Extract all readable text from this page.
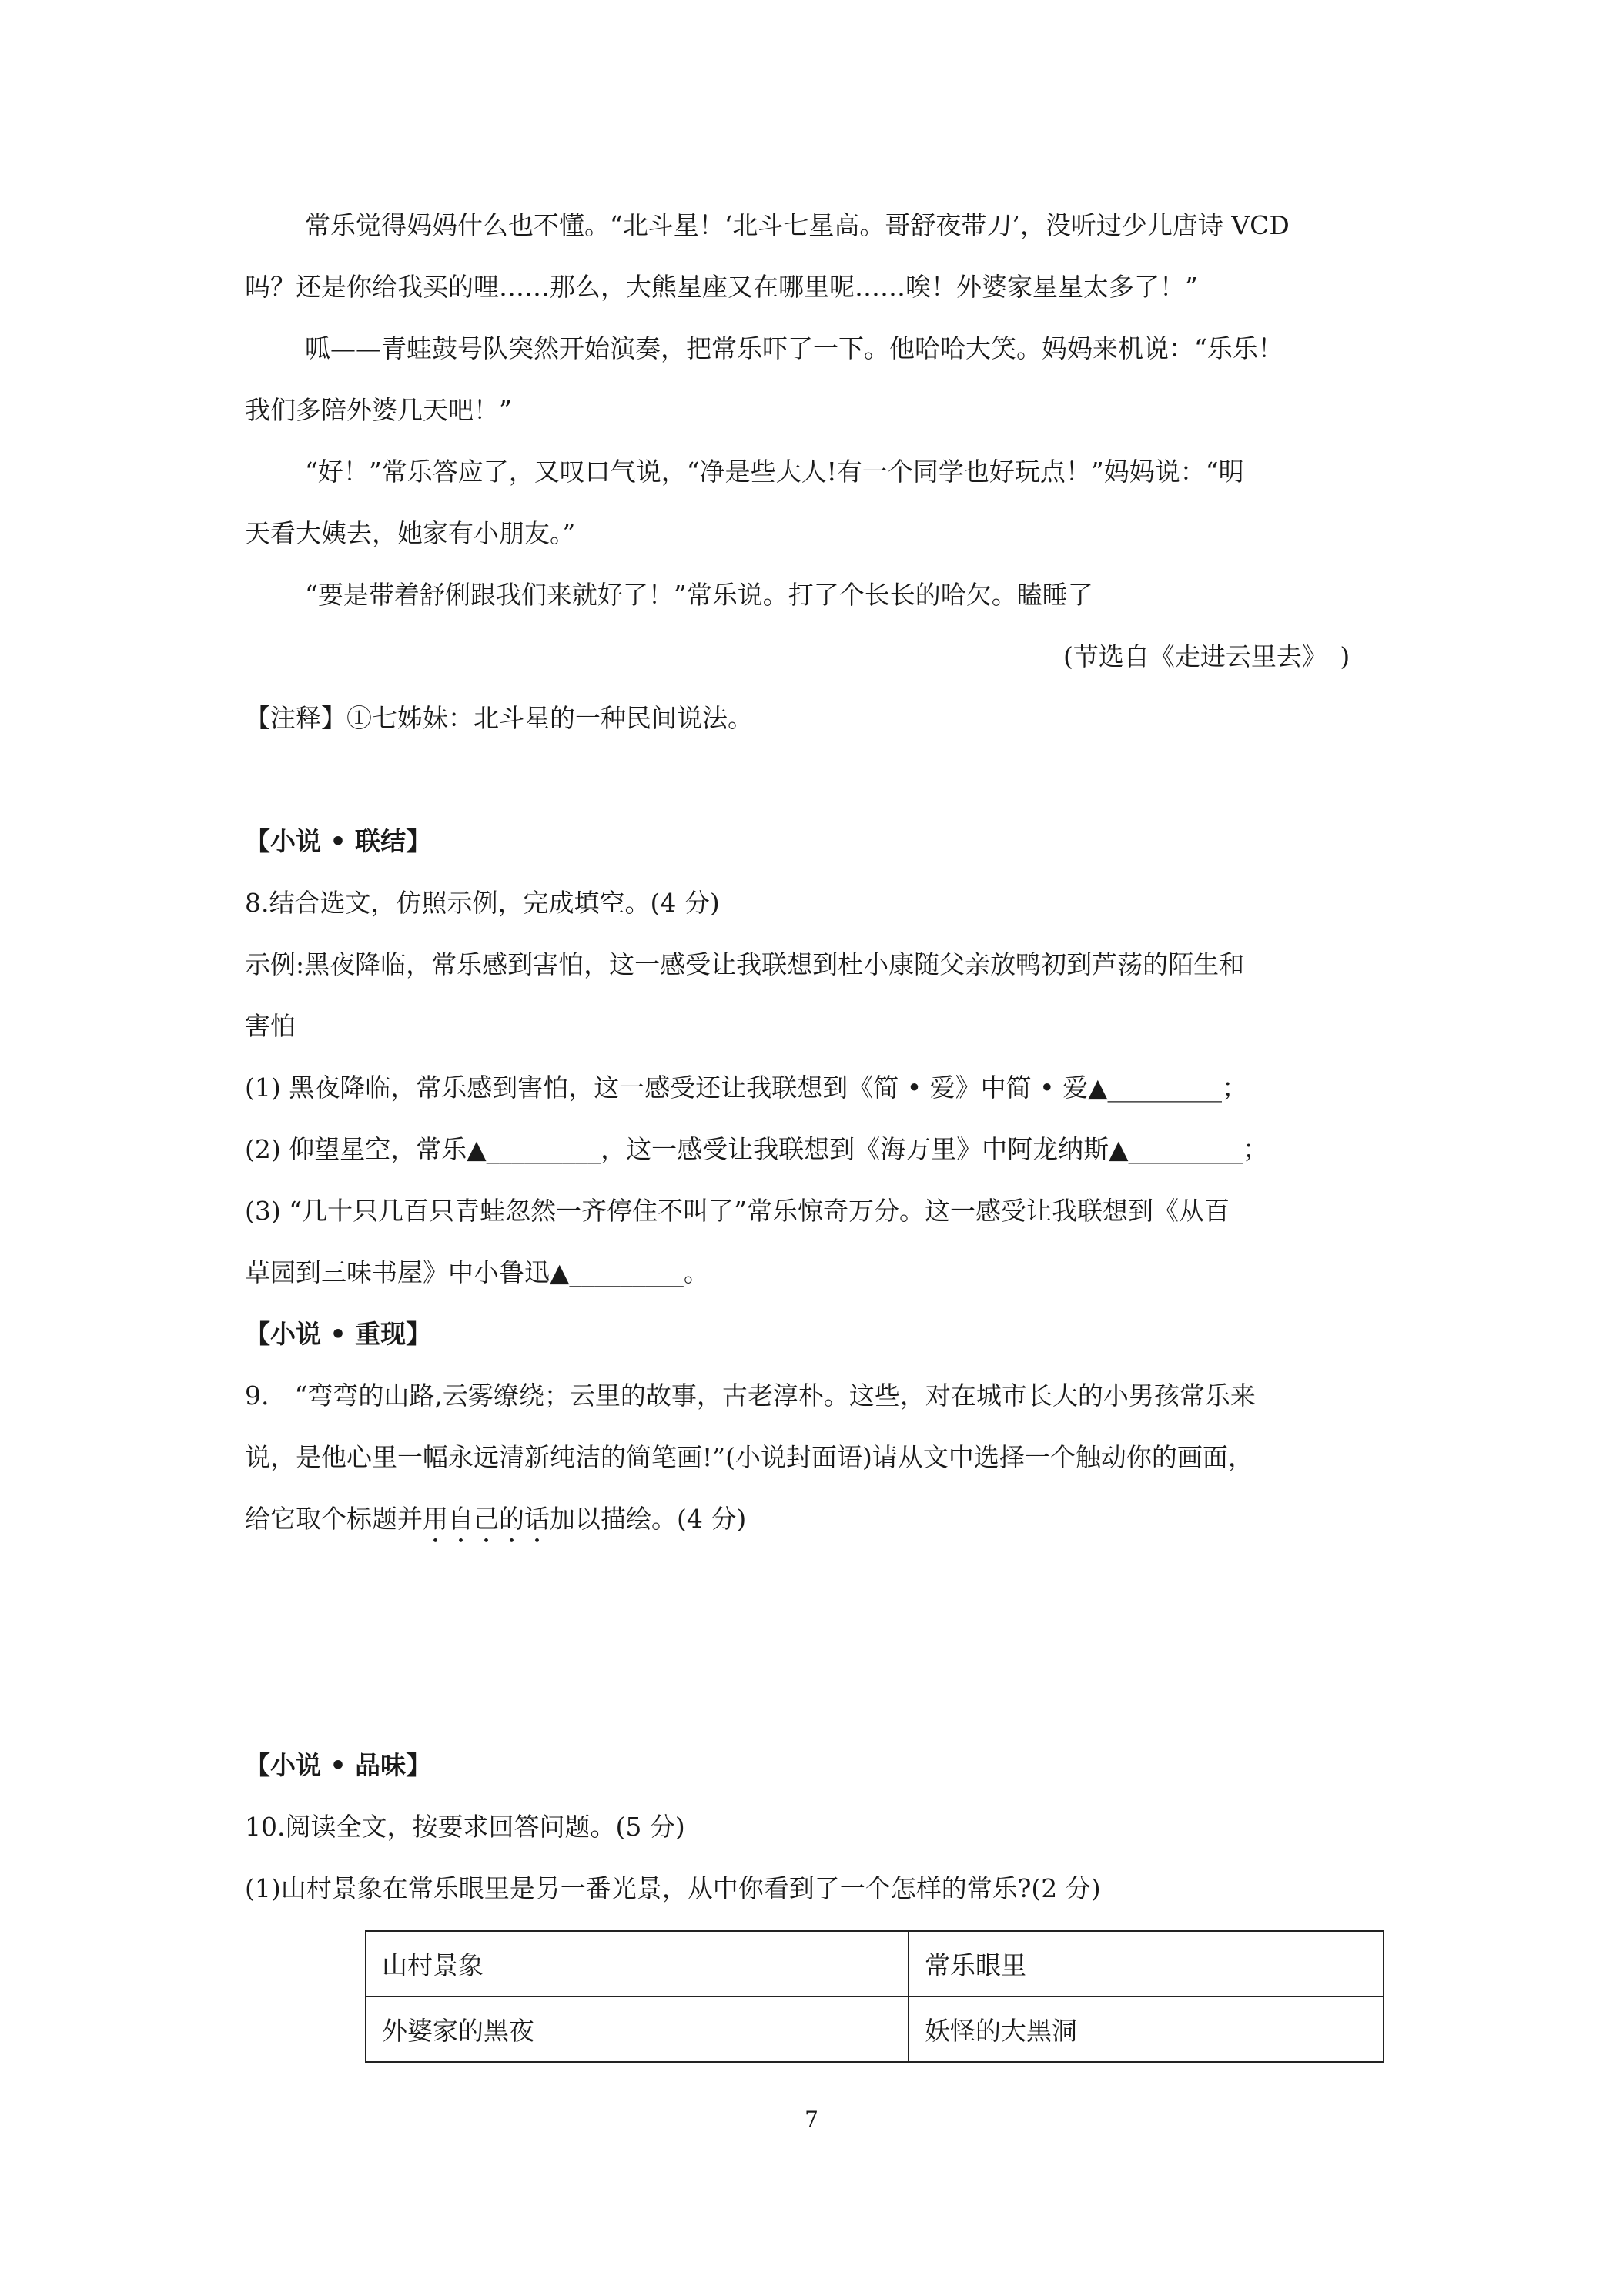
常乐觉得妈妈什么也不懂。“北斗星！‘北斗七星高。哥舒夜带刀’，没听过少儿唐诗 VCD
吗？还是你给我买的哩……那么，大熊星座又在哪里呢……唉！外婆家星星太多了！”
呱——青蛙鼓号队突然开始演奏，把常乐吓了一下。他哈哈大笑。妈妈来机说：“乐乐！
我们多陪外婆几天吧！”
“好！”常乐答应了，又叹口气说，“净是些大人!有一个同学也好玩点！”妈妈说：“明
天看大姨去，她家有小朋友。”
“要是带着舒俐跟我们来就好了！”常乐说。打了个长长的哈欠。瞌睡了
(节选自《走进云里去》　)
【注释】①七姊妹：北斗星的一种民间说法。
【小说 • 联结】
8.结合选文，仿照示例，完成填空。(4 分)
示例:黑夜降临，常乐感到害怕，这一感受让我联想到杜小康随父亲放鸭初到芦荡的陌生和
害怕
(1) 黑夜降临，常乐感到害怕，这一感受还让我联想到《简 • 爱》中简 • 爱▲_________；
(2) 仰望星空，常乐▲_________，这一感受让我联想到《海万里》中阿龙纳斯▲_________；
(3) “几十只几百只青蛙忽然一齐停住不叫了”常乐惊奇万分。这一感受让我联想到《从百
草园到三味书屋》中小鲁迅▲_________。
【小说 • 重现】
9.　“弯弯的山路,云雾缭绕；云里的故事，古老淳朴。这些，对在城市长大的小男孩常乐来
说，是他心里一幅永远清新纯洁的简笔画!”(小说封面语)请从文中选择一个触动你的画面，
给它取个标题并用自己的话加以描绘。(4 分)
【小说 • 品味】
10.阅读全文，按要求回答问题。(5 分)
(1)山村景象在常乐眼里是另一番光景，从中你看到了一个怎样的常乐?(2 分)
山村景象	常乐眼里
外婆家的黑夜	妖怪的大黑洞
7
